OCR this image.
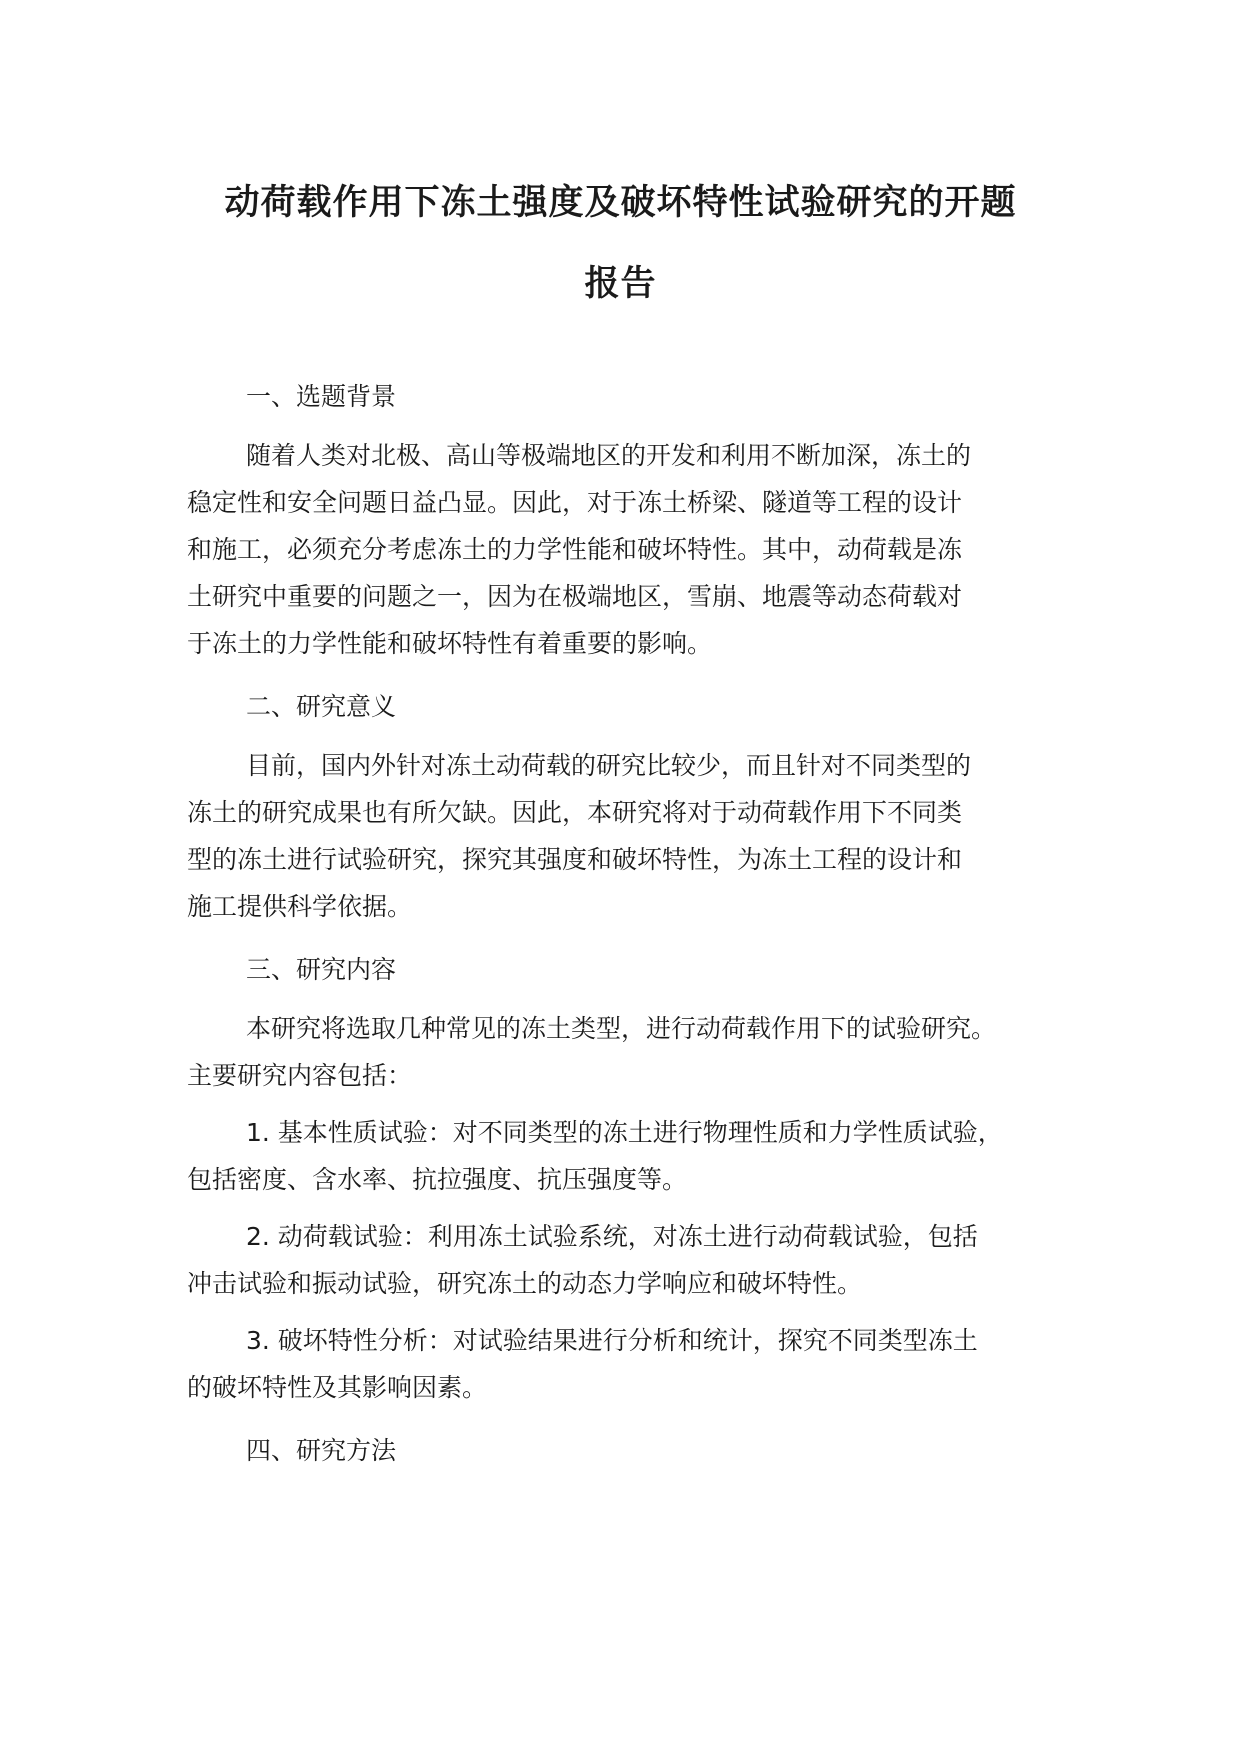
动荷载作用下冻土强度及破坏特性试验研究的开题
报告
一、选题背景

随着人类对北极、高山等极端地区的开发和利用不断加深，冻土的
稳定性和安全问题日益凸显。因此，对于冻土桥梁、隧道等工程的设计
和施工，必须充分考虑冻土的力学性能和破坏特性。其中，动荷载是冻
土研究中重要的问题之一，因为在极端地区，雪崩、地震等动态荷载对
于冻土的力学性能和破坏特性有着重要的影响。

二、研究意义

目前，国内外针对冻土动荷载的研究比较少，而且针对不同类型的
冻土的研究成果也有所欠缺。因此，本研究将对于动荷载作用下不同类
型的冻土进行试验研究，探究其强度和破坏特性，为冻土工程的设计和
施工提供科学依据。

三、研究内容

本研究将选取几种常见的冻土类型，进行动荷载作用下的试验研究。
主要研究内容包括：

1. 基本性质试验：对不同类型的冻土进行物理性质和力学性质试验，
包括密度、含水率、抗拉强度、抗压强度等。

2. 动荷载试验：利用冻土试验系统，对冻土进行动荷载试验，包括
冲击试验和振动试验，研究冻土的动态力学响应和破坏特性。

3. 破坏特性分析：对试验结果进行分析和统计，探究不同类型冻土
的破坏特性及其影响因素。

四、研究方法
